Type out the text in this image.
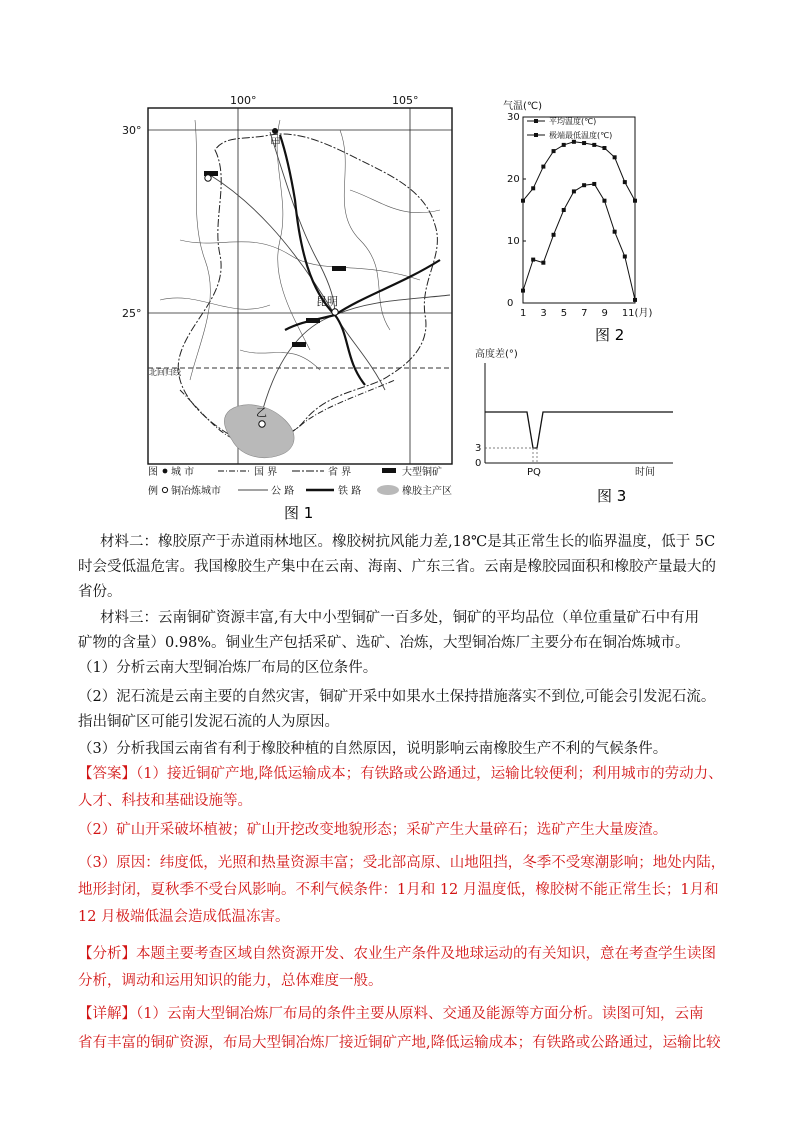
100°	105°
30°
25°
甲
昆明
乙
北回归线
图
例
城 市	国 界	省 界	大型铜矿
铜冶炼城市	公 路	铁 路	橡胶主产区
图 1
气温(℃)
平均温度(℃)
极端最低温度(℃)
0
10
20
30
1 3 5 7 9 11(月)
图 2
高度差(°)
3
0
PQ	时间
图 3
材料二：橡胶原产于赤道雨林地区。橡胶树抗风能力差,18℃是其正常生长的临界温度，低于 5C
时会受低温危害。我国橡胶生产集中在云南、海南、广东三省。云南是橡胶园面积和橡胶产量最大的
省份。
材料三：云南铜矿资源丰富,有大中小型铜矿一百多处，铜矿的平均品位（单位重量矿石中有用
矿物的含量）0.98%。铜业生产包括采矿、选矿、冶炼，大型铜冶炼厂主要分布在铜冶炼城市。
（1）分析云南大型铜冶炼厂布局的区位条件。
（2）泥石流是云南主要的自然灾害，铜矿开采中如果水土保持措施落实不到位,可能会引发泥石流。
指出铜矿区可能引发泥石流的人为原因。
（3）分析我国云南省有利于橡胶种植的自然原因，说明影响云南橡胶生产不利的气候条件。
【答案】（1）接近铜矿产地,降低运输成本；有铁路或公路通过，运输比较便利；利用城市的劳动力、
人才、科技和基础设施等。
（2）矿山开采破坏植被；矿山开挖改变地貌形态；采矿产生大量碎石；选矿产生大量废渣。
（3）原因：纬度低，光照和热量资源丰富；受北部高原、山地阻挡，冬季不受寒潮影响；地处内陆，
地形封闭，夏秋季不受台风影响。不利气候条件：1月和 12 月温度低，橡胶树不能正常生长；1月和
12 月极端低温会造成低温冻害。
【分析】本题主要考查区域自然资源开发、农业生产条件及地球运动的有关知识，意在考查学生读图
分析，调动和运用知识的能力，总体难度一般。
【详解】（1）云南大型铜冶炼厂布局的条件主要从原料、交通及能源等方面分析。读图可知，云南
省有丰富的铜矿资源，布局大型铜冶炼厂接近铜矿产地,降低运输成本；有铁路或公路通过，运输比较
